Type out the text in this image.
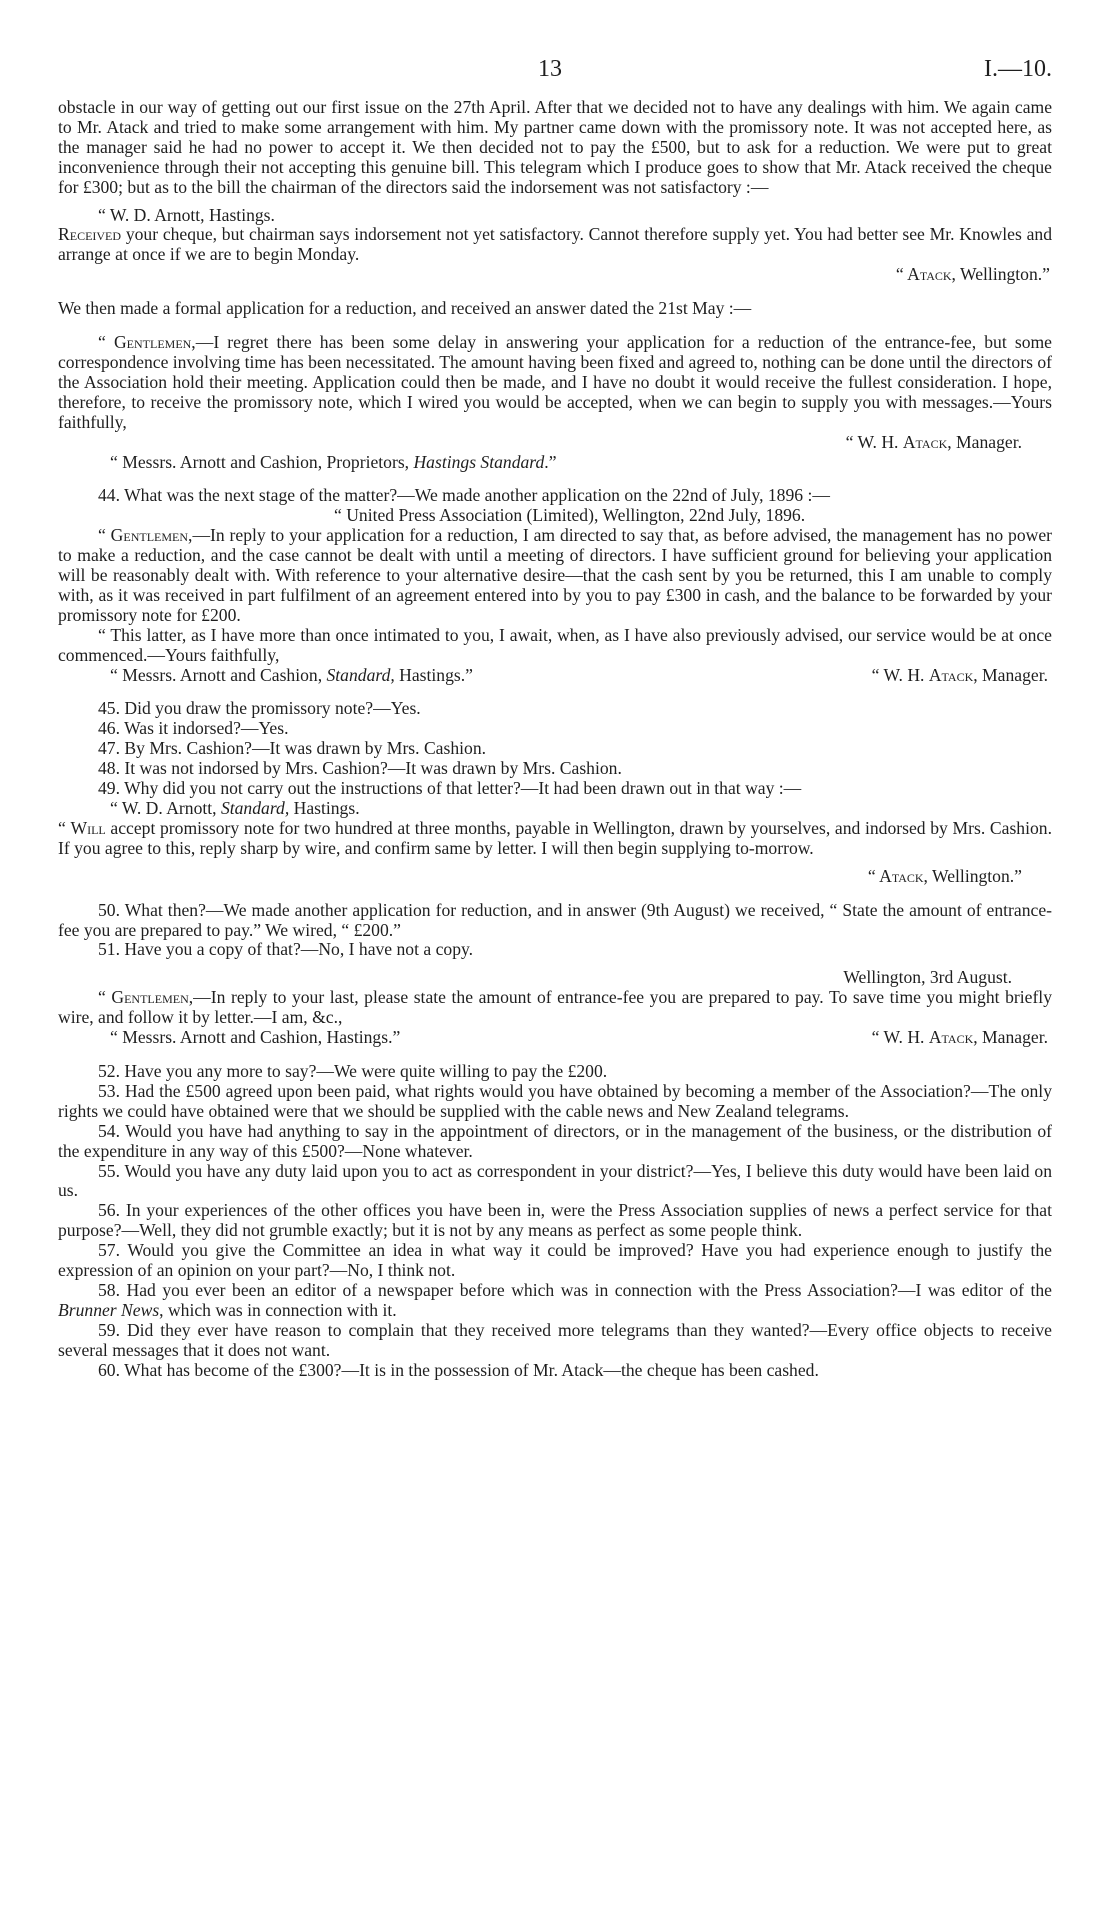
13	I.—10.

obstacle in our way of getting out our first issue on the 27th April. After that we decided not to have any dealings with him. We again came to Mr. Atack and tried to make some arrangement with him. My partner came down with the promissory note. It was not accepted here, as the manager said he had no power to accept it. We then decided not to pay the £500, but to ask for a reduction. We were put to great inconvenience through their not accepting this genuine bill. This telegram which I produce goes to show that Mr. Atack received the cheque for £300; but as to the bill the chairman of the directors said the indorsement was not satisfactory :—

“ W. D. Arnott, Hastings.

Received your cheque, but chairman says indorsement not yet satisfactory. Cannot therefore supply yet. You had better see Mr. Knowles and arrange at once if we are to begin Monday.

“ Atack, Wellington.”

We then made a formal application for a reduction, and received an answer dated the 21st May :—

“ Gentlemen,—I regret there has been some delay in answering your application for a reduction of the entrance-fee, but some correspondence involving time has been necessitated. The amount having been fixed and agreed to, nothing can be done until the directors of the Association hold their meeting. Application could then be made, and I have no doubt it would receive the fullest consideration. I hope, therefore, to receive the promissory note, which I wired you would be accepted, when we can begin to supply you with messages.—Yours faithfully,

“ W. H. Atack, Manager.

“ Messrs. Arnott and Cashion, Proprietors, Hastings Standard.”

44. What was the next stage of the matter?—We made another application on the 22nd of July, 1896 :—

“ United Press Association (Limited), Wellington, 22nd July, 1896.

“ Gentlemen,—In reply to your application for a reduction, I am directed to say that, as before advised, the management has no power to make a reduction, and the case cannot be dealt with until a meeting of directors. I have sufficient ground for believing your application will be reasonably dealt with. With reference to your alternative desire—that the cash sent by you be returned, this I am unable to comply with, as it was received in part fulfilment of an agreement entered into by you to pay £300 in cash, and the balance to be forwarded by your promissory note for £200.

“ This latter, as I have more than once intimated to you, I await, when, as I have also previously advised, our service would be at once commenced.—Yours faithfully,

“ Messrs. Arnott and Cashion, Standard, Hastings.”	“ W. H. Atack, Manager.

45. Did you draw the promissory note?—Yes.

46. Was it indorsed?—Yes.

47. By Mrs. Cashion?—It was drawn by Mrs. Cashion.

48. It was not indorsed by Mrs. Cashion?—It was drawn by Mrs. Cashion.

49. Why did you not carry out the instructions of that letter?—It had been drawn out in that way :—

“ W. D. Arnott, Standard, Hastings.

“ Will accept promissory note for two hundred at three months, payable in Wellington, drawn by yourselves, and indorsed by Mrs. Cashion. If you agree to this, reply sharp by wire, and confirm same by letter. I will then begin supplying to-morrow.

“ Atack, Wellington.”

50. What then?—We made another application for reduction, and in answer (9th August) we received, “ State the amount of entrance-fee you are prepared to pay.” We wired, “ £200.”

51. Have you a copy of that?—No, I have not a copy.

Wellington, 3rd August.

“ Gentlemen,—In reply to your last, please state the amount of entrance-fee you are prepared to pay. To save time you might briefly wire, and follow it by letter.—I am, &c.,

“ Messrs. Arnott and Cashion, Hastings.”	“ W. H. Atack, Manager.

52. Have you any more to say?—We were quite willing to pay the £200.

53. Had the £500 agreed upon been paid, what rights would you have obtained by becoming a member of the Association?—The only rights we could have obtained were that we should be supplied with the cable news and New Zealand telegrams.

54. Would you have had anything to say in the appointment of directors, or in the management of the business, or the distribution of the expenditure in any way of this £500?—None whatever.

55. Would you have any duty laid upon you to act as correspondent in your district?—Yes, I believe this duty would have been laid on us.

56. In your experiences of the other offices you have been in, were the Press Association supplies of news a perfect service for that purpose?—Well, they did not grumble exactly; but it is not by any means as perfect as some people think.

57. Would you give the Committee an idea in what way it could be improved? Have you had experience enough to justify the expression of an opinion on your part?—No, I think not.

58. Had you ever been an editor of a newspaper before which was in connection with the Press Association?—I was editor of the Brunner News, which was in connection with it.

59. Did they ever have reason to complain that they received more telegrams than they wanted?—Every office objects to receive several messages that it does not want.

60. What has become of the £300?—It is in the possession of Mr. Atack—the cheque has been cashed.
